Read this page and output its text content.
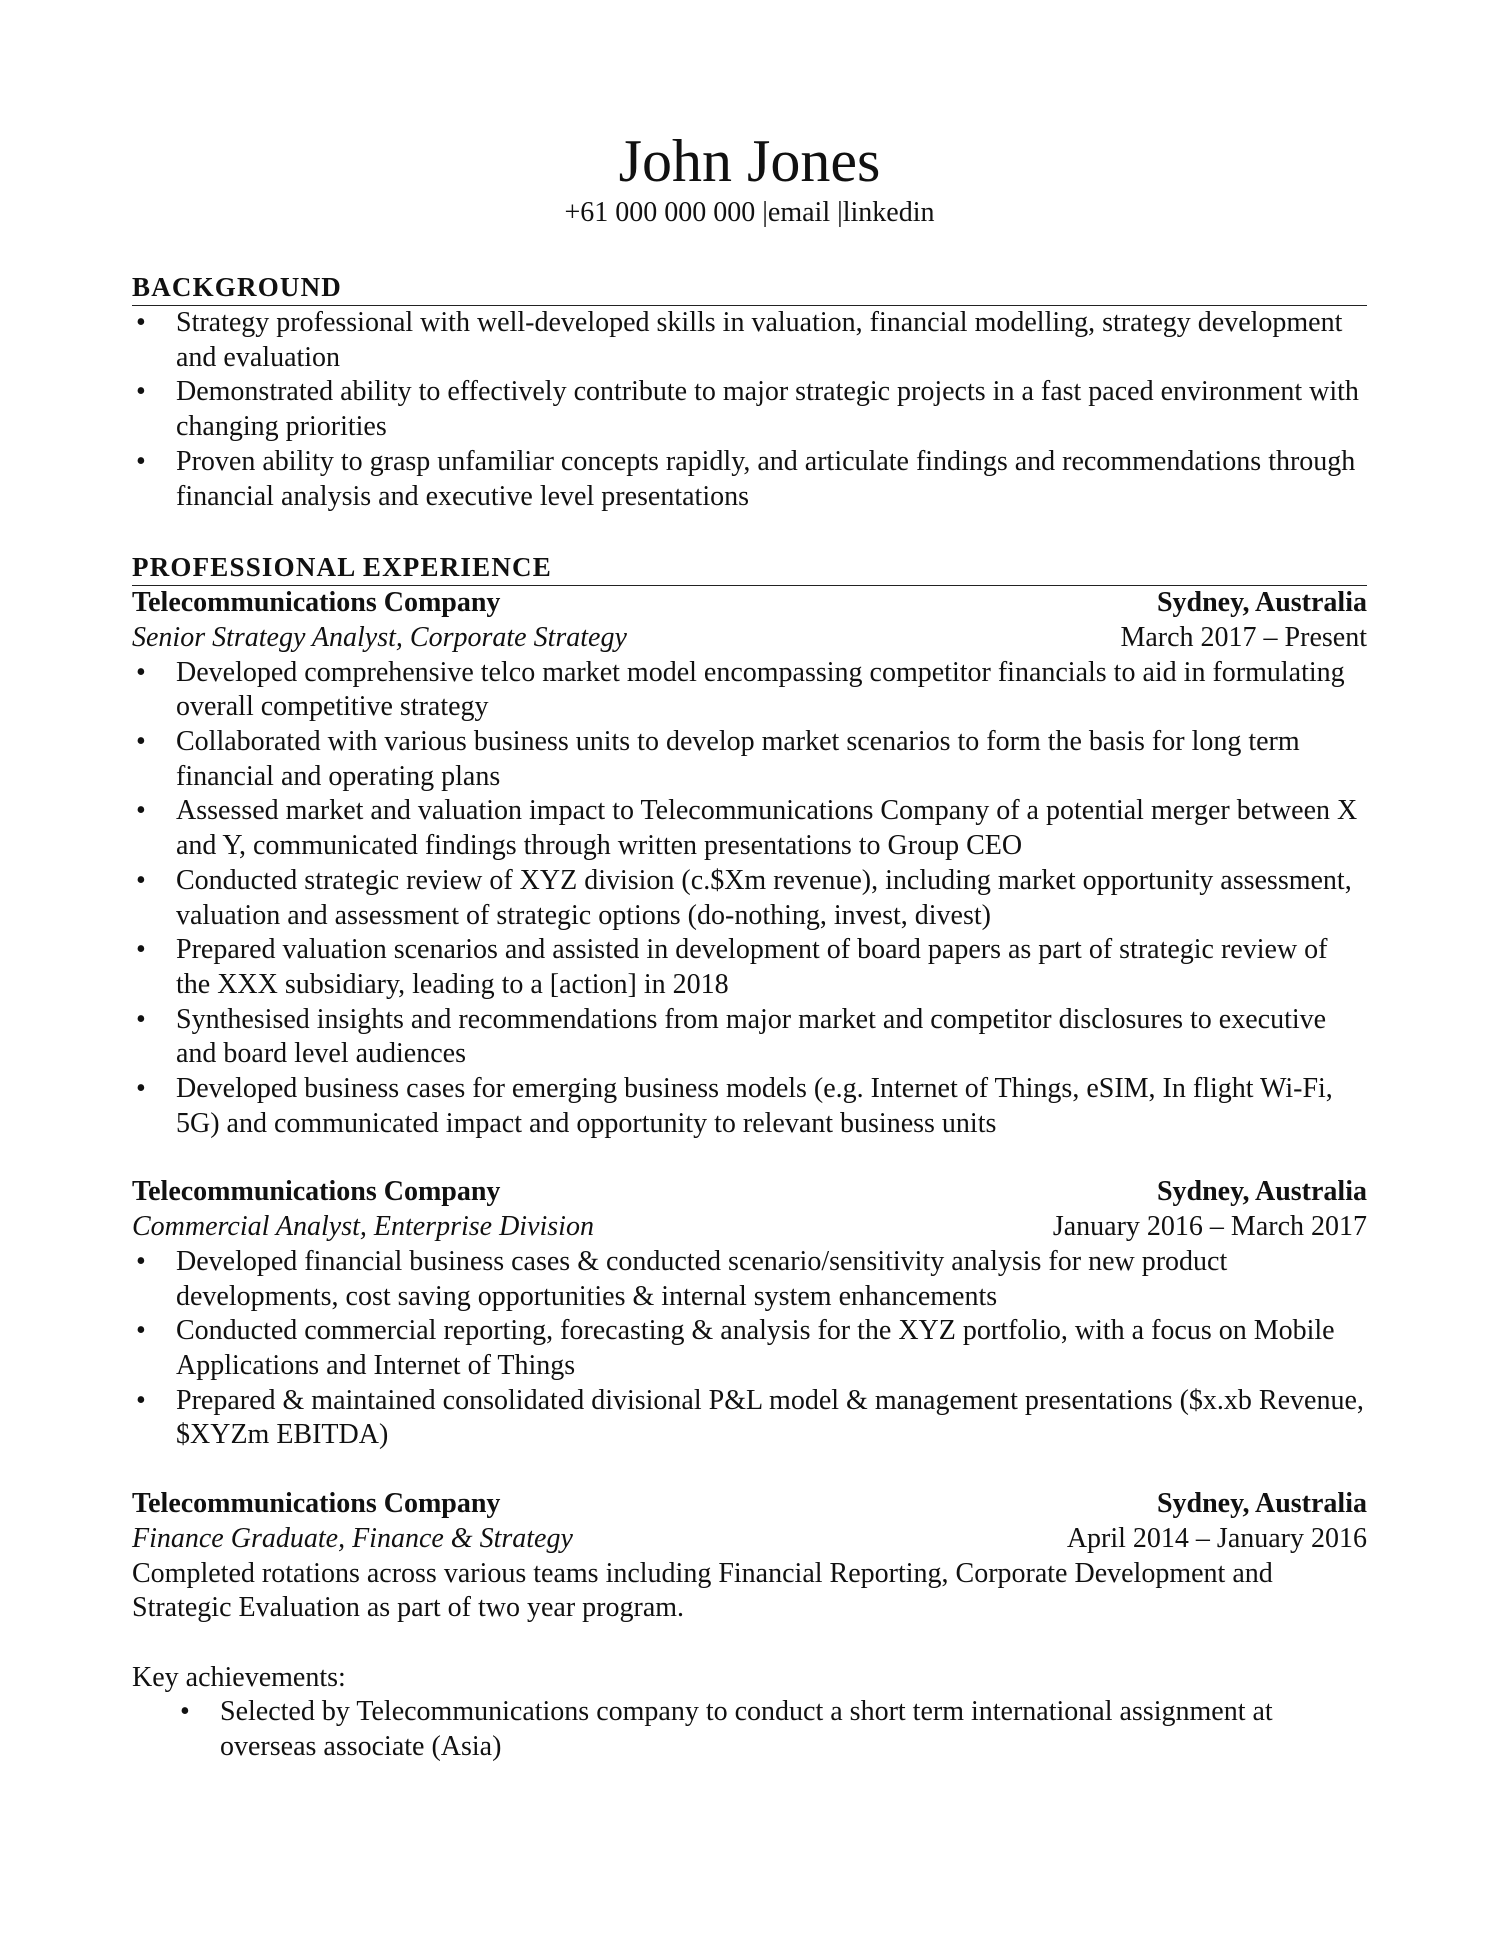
John Jones
+61 000 000 000 |email |linkedin
BACKGROUND
• Strategy professional with well-developed skills in valuation, financial modelling, strategy development and evaluation
• Demonstrated ability to effectively contribute to major strategic projects in a fast paced environment with changing priorities
• Proven ability to grasp unfamiliar concepts rapidly, and articulate findings and recommendations through financial analysis and executive level presentations
PROFESSIONAL EXPERIENCE
Telecommunications Company	Sydney, Australia
Senior Strategy Analyst, Corporate Strategy	March 2017 – Present
• Developed comprehensive telco market model encompassing competitor financials to aid in formulating overall competitive strategy
• Collaborated with various business units to develop market scenarios to form the basis for long term financial and operating plans
• Assessed market and valuation impact to Telecommunications Company of a potential merger between X and Y, communicated findings through written presentations to Group CEO
• Conducted strategic review of XYZ division (c.$Xm revenue), including market opportunity assessment, valuation and assessment of strategic options (do-nothing, invest, divest)
• Prepared valuation scenarios and assisted in development of board papers as part of strategic review of the XXX subsidiary, leading to a [action] in 2018
• Synthesised insights and recommendations from major market and competitor disclosures to executive and board level audiences
• Developed business cases for emerging business models (e.g. Internet of Things, eSIM, In flight Wi-Fi, 5G) and communicated impact and opportunity to relevant business units
Telecommunications Company	Sydney, Australia
Commercial Analyst, Enterprise Division	January 2016 – March 2017
• Developed financial business cases & conducted scenario/sensitivity analysis for new product developments, cost saving opportunities & internal system enhancements
• Conducted commercial reporting, forecasting & analysis for the XYZ portfolio, with a focus on Mobile Applications and Internet of Things
• Prepared & maintained consolidated divisional P&L model & management presentations ($x.xb Revenue, $XYZm EBITDA)
Telecommunications Company	Sydney, Australia
Finance Graduate, Finance & Strategy	April 2014 – January 2016
Completed rotations across various teams including Financial Reporting, Corporate Development and Strategic Evaluation as part of two year program.
Key achievements:
• Selected by Telecommunications company to conduct a short term international assignment at overseas associate (Asia)
